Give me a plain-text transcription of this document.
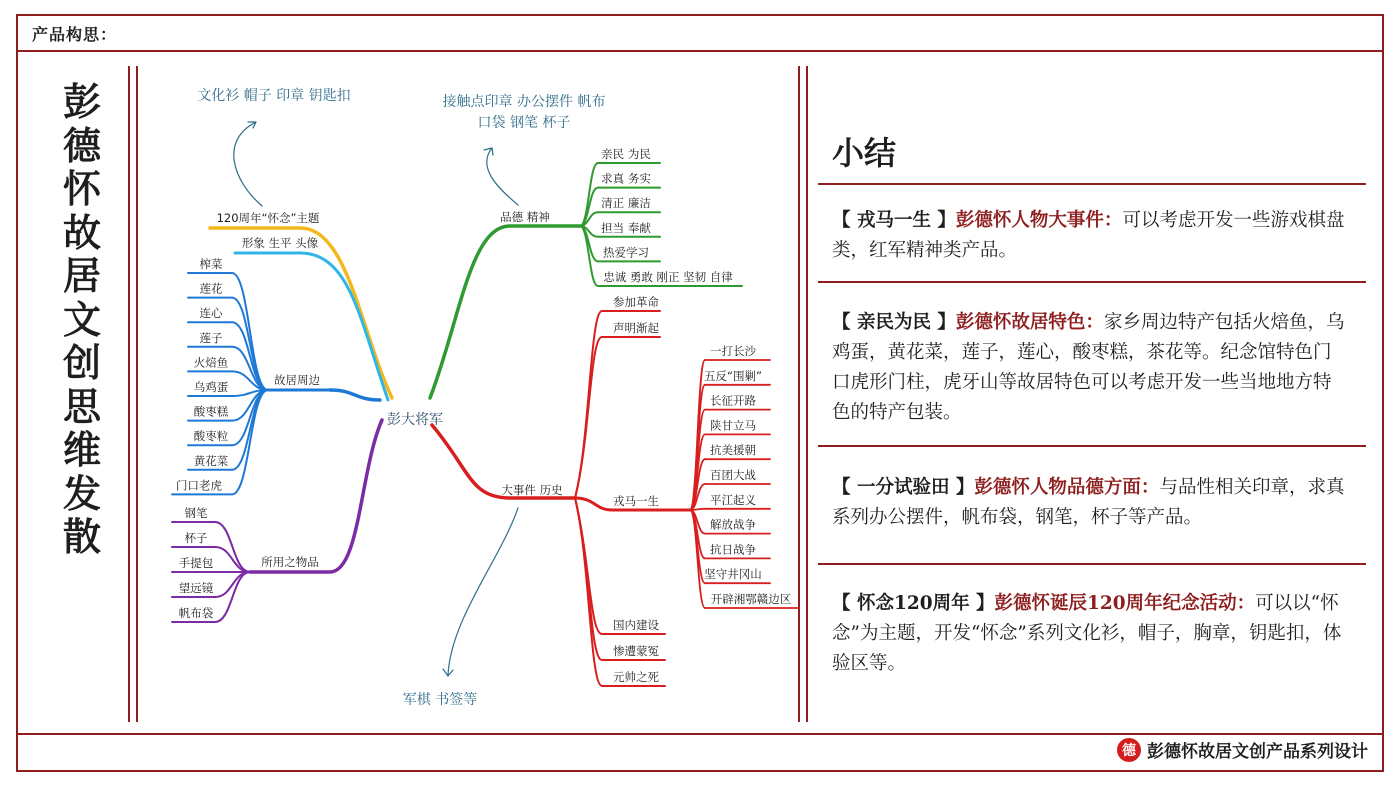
产品构思：
彭
德
怀
故
居
文
创
思
维
发
散
彭大将军
120周年“怀念”主题
形象 生平 头像
文化衫 帽子 印章 钥匙扣	接触点印章 办公摆件 帆布
口袋 钢笔 杯子
军棋 书签等
故居周边
榨菜
莲花
连心
莲子
火焙鱼
乌鸡蛋
酸枣糕
酸枣粒
黄花菜
门口老虎
所用之物品
钢笔
杯子
手提包
望远镜
帆布袋
品德 精神
亲民 为民
求真 务实
清正 廉洁
担当 奉献
热爱学习
忠诚 勇敢 刚正 坚韧 自律
大事件 历史
参加革命
声明渐起
戎马一生
一打长沙
五反“围剿”
长征开路
陕甘立马
抗美援朝
百团大战
平江起义
解放战争
抗日战争
坚守井冈山
开辟湘鄂赣边区
国内建设
惨遭蒙冤
元帅之死
小结
【 戎马一生 】彭德怀人物大事件：可以考虑开发一些游戏棋盘类，红军精神类产品。
【 亲民为民 】彭德怀故居特色：家乡周边特产包括火焙鱼，乌鸡蛋，黄花菜，莲子，莲心，酸枣糕，茶花等。纪念馆特色门口虎形门柱，虎牙山等故居特色可以考虑开发一些当地地方特色的特产包装。
【 一分试验田 】彭德怀人物品德方面：与品性相关印章，求真系列办公摆件，帆布袋，钢笔，杯子等产品。
【 怀念120周年 】彭德怀诞辰120周年纪念活动：可以以“怀念”为主题，开发“怀念”系列文化衫，帽子，胸章，钥匙扣，体验区等。
德 彭德怀故居文创产品系列设计
